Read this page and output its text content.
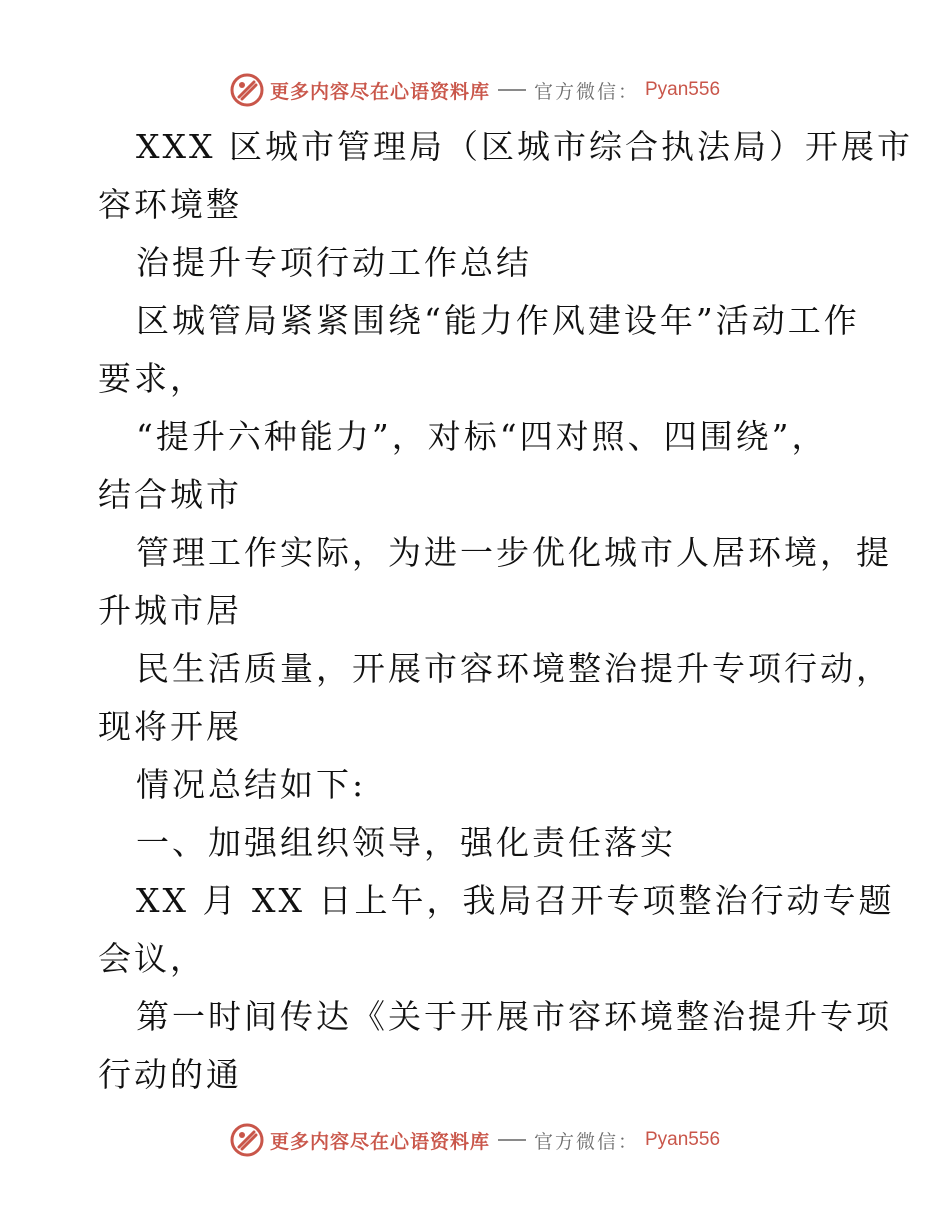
更多内容尽在心语资料库 官方微信： Pyan556
XXX 区城市管理局（区城市综合执法局）开展市
容环境整
治提升专项行动工作总结
区城管局紧紧围绕“能力作风建设年”活动工作
要求，
“提升六种能力”，对标“四对照、四围绕”，
结合城市
管理工作实际，为进一步优化城市人居环境，提
升城市居
民生活质量，开展市容环境整治提升专项行动，
现将开展
情况总结如下:
一、加强组织领导，强化责任落实
XX 月 XX 日上午，我局召开专项整治行动专题
会议，
第一时间传达《关于开展市容环境整治提升专项
行动的通
更多内容尽在心语资料库 官方微信： Pyan556
